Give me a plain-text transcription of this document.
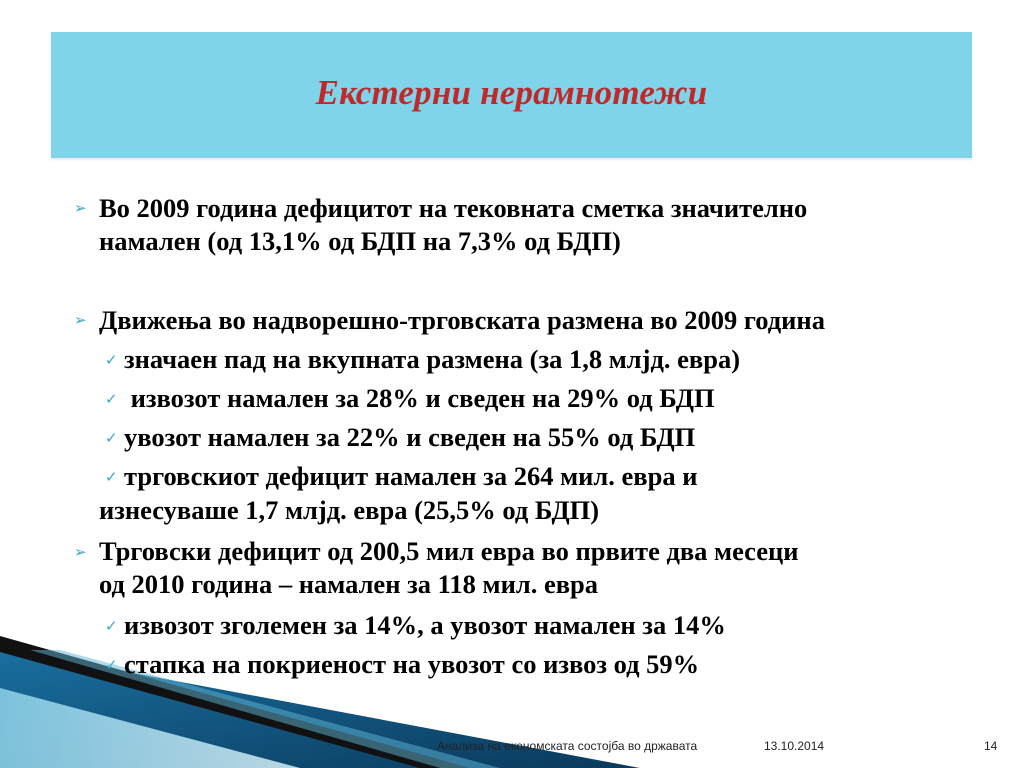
Екстерни нерамнотежи
➢ Во 2009 година дефицитот на тековната сметка значително
намален (од 13,1% од БДП на 7,3% од БДП)
➢ Движења во надворешно-трговската размена во 2009 година
✓ значаен пад на вкупната размена (за 1,8 млјд. евра)
✓ извозот намален за 28% и сведен на 29% од БДП
✓ увозот намален за 22% и сведен на 55% од БДП
✓ трговскиот дефицит намален за 264 мил. евра и
изнесуваше 1,7 млјд. евра (25,5% од БДП)
➢ Трговски дефицит од 200,5 мил евра во првите два месеци
од 2010 година – намален за 118 мил. евра
✓ извозот зголемен за 14%, а увозот намален за 14%
✓ стапка на покриеност на увозот со извоз од 59%
Анализа на економската состојба во државата	13.10.2014	14
